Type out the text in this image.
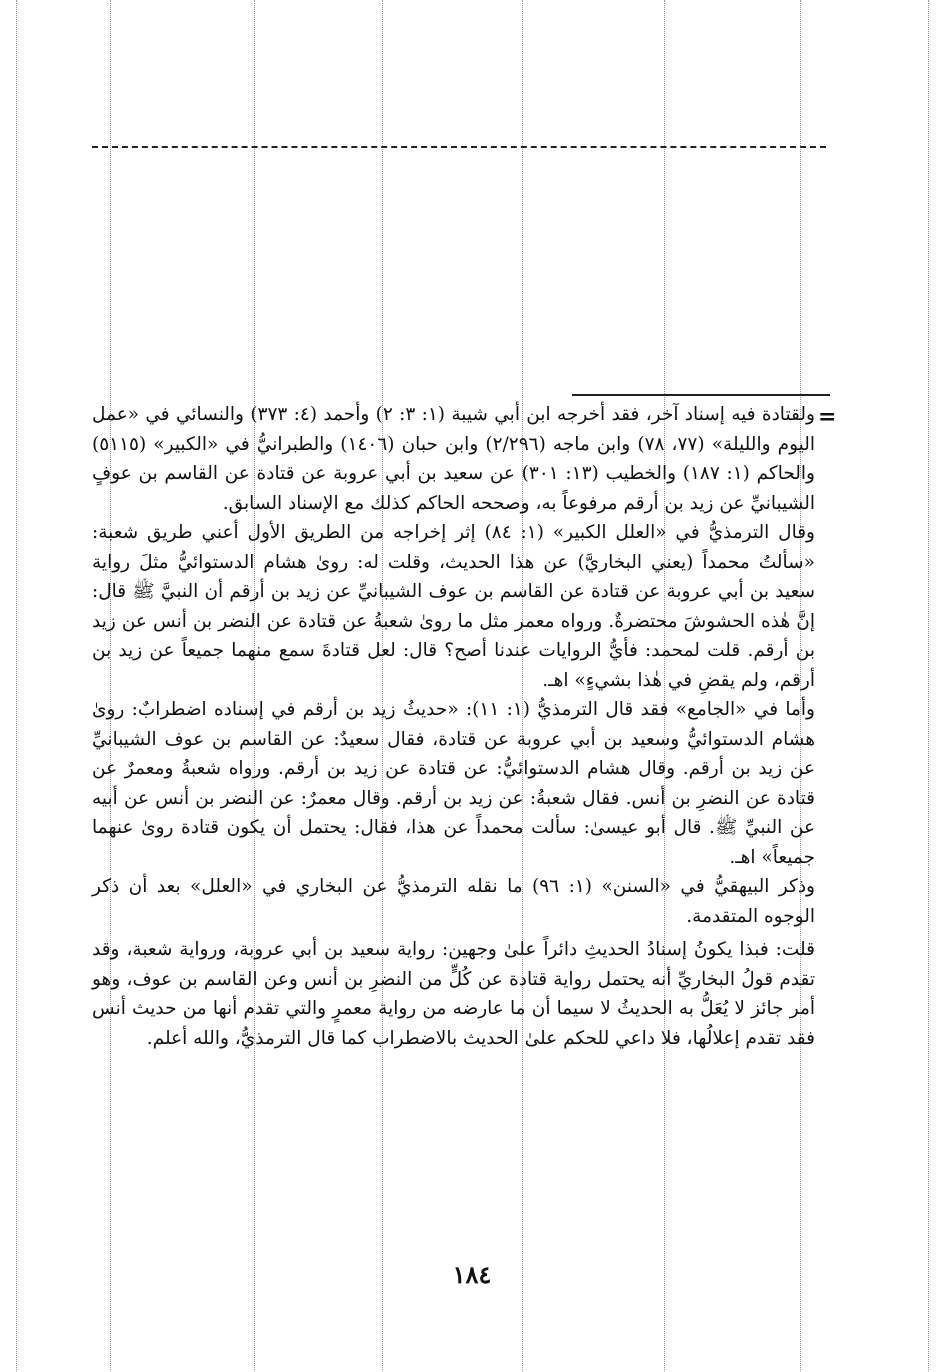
=

ولقتادة فيه إسناد آخر، فقد أخرجه ابن أبي شيبة (١: ٣: ٢) وأحمد (٤: ٣٧٣) والنسائي في «عمل اليوم والليلة» (٧٧، ٧٨) وابن ماجه (٢/٢٩٦) وابن حبان (١٤٠٦) والطبرانيُّ في «الكبير» (٥١١٥) والحاكم (١: ١٨٧) والخطيب (١٣: ٣٠١) عن سعيد بن أبي عروبة عن قتادة عن القاسم بن عوفٍ الشيبانيِّ عن زيد بن أرقم مرفوعاً به، وصححه الحاكم كذلك مع الإسناد السابق.

وقال الترمذيُّ في «العلل الكبير» (١: ٨٤) إثر إخراجه من الطريق الأول أعني طريق شعبة: «سألتُ محمداً (يعني البخاريَّ) عن هذا الحديث، وقلت له: روىٰ هشام الدستوائيُّ مثلَ رواية سعيد بن أبي عروبة عن قتادة عن القاسم بن عوف الشيبانيِّ عن زيد بن أرقم أن النبيَّ ﷺ قال: إنَّ هٰذه الحشوشَ محتضرةٌ. ورواه معمر مثل ما روىٰ شعبةُ عن قتادة عن النضر بن أنس عن زيد بن أرقم. قلت لمحمد: فأيُّ الروايات عندنا أصح؟ قال: لعل قتادةَ سمع منهما جميعاً عن زيد بن أرقم، ولم يقضِ في هٰذا بشيءٍ» اهـ.

وأما في «الجامع» فقد قال الترمذيُّ (١: ١١): «حديثُ زيد بن أرقم في إسناده اضطرابٌ: روىٰ هشام الدستوائيُّ وسعيد بن أبي عروبة عن قتادة، فقال سعيدٌ: عن القاسم بن عوف الشيبانيِّ عن زيد بن أرقم. وقال هشام الدستوائيُّ: عن قتادة عن زيد بن أرقم. ورواه شعبةُ ومعمرٌ عن قتادة عن النضرِ بن أنس. فقال شعبةُ: عن زيد بن أرقم. وقال معمرٌ: عن النضر بن أنس عن أبيه عن النبيِّ ﷺ. قال أبو عيسىٰ: سألت محمداً عن هذا، فقال: يحتمل أن يكون قتادة روىٰ عنهما جميعاً» اهـ.

وذكر البيهقيُّ في «السنن» (١: ٩٦) ما نقله الترمذيُّ عن البخاري في «العلل» بعد أن ذكر الوجوه المتقدمة.

قلت: فبذا يكونُ إسنادُ الحديثِ دائراً علىٰ وجهين: رواية سعيد بن أبي عروبة، ورواية شعبة، وقد تقدم قولُ البخاريِّ أنه يحتمل رواية قتادة عن كُلٍّ من النضرِ بن أنس وعن القاسم بن عوف، وهو أمر جائز لا يُعَلُّ به الحديثُ لا سيما أن ما عارضه من رواية معمرٍ والتي تقدم أنها من حديث أنس فقد تقدم إعلالُها، فلا داعي للحكم علىٰ الحديث بالاضطراب كما قال الترمذيُّ، والله أعلم.

١٨٤
